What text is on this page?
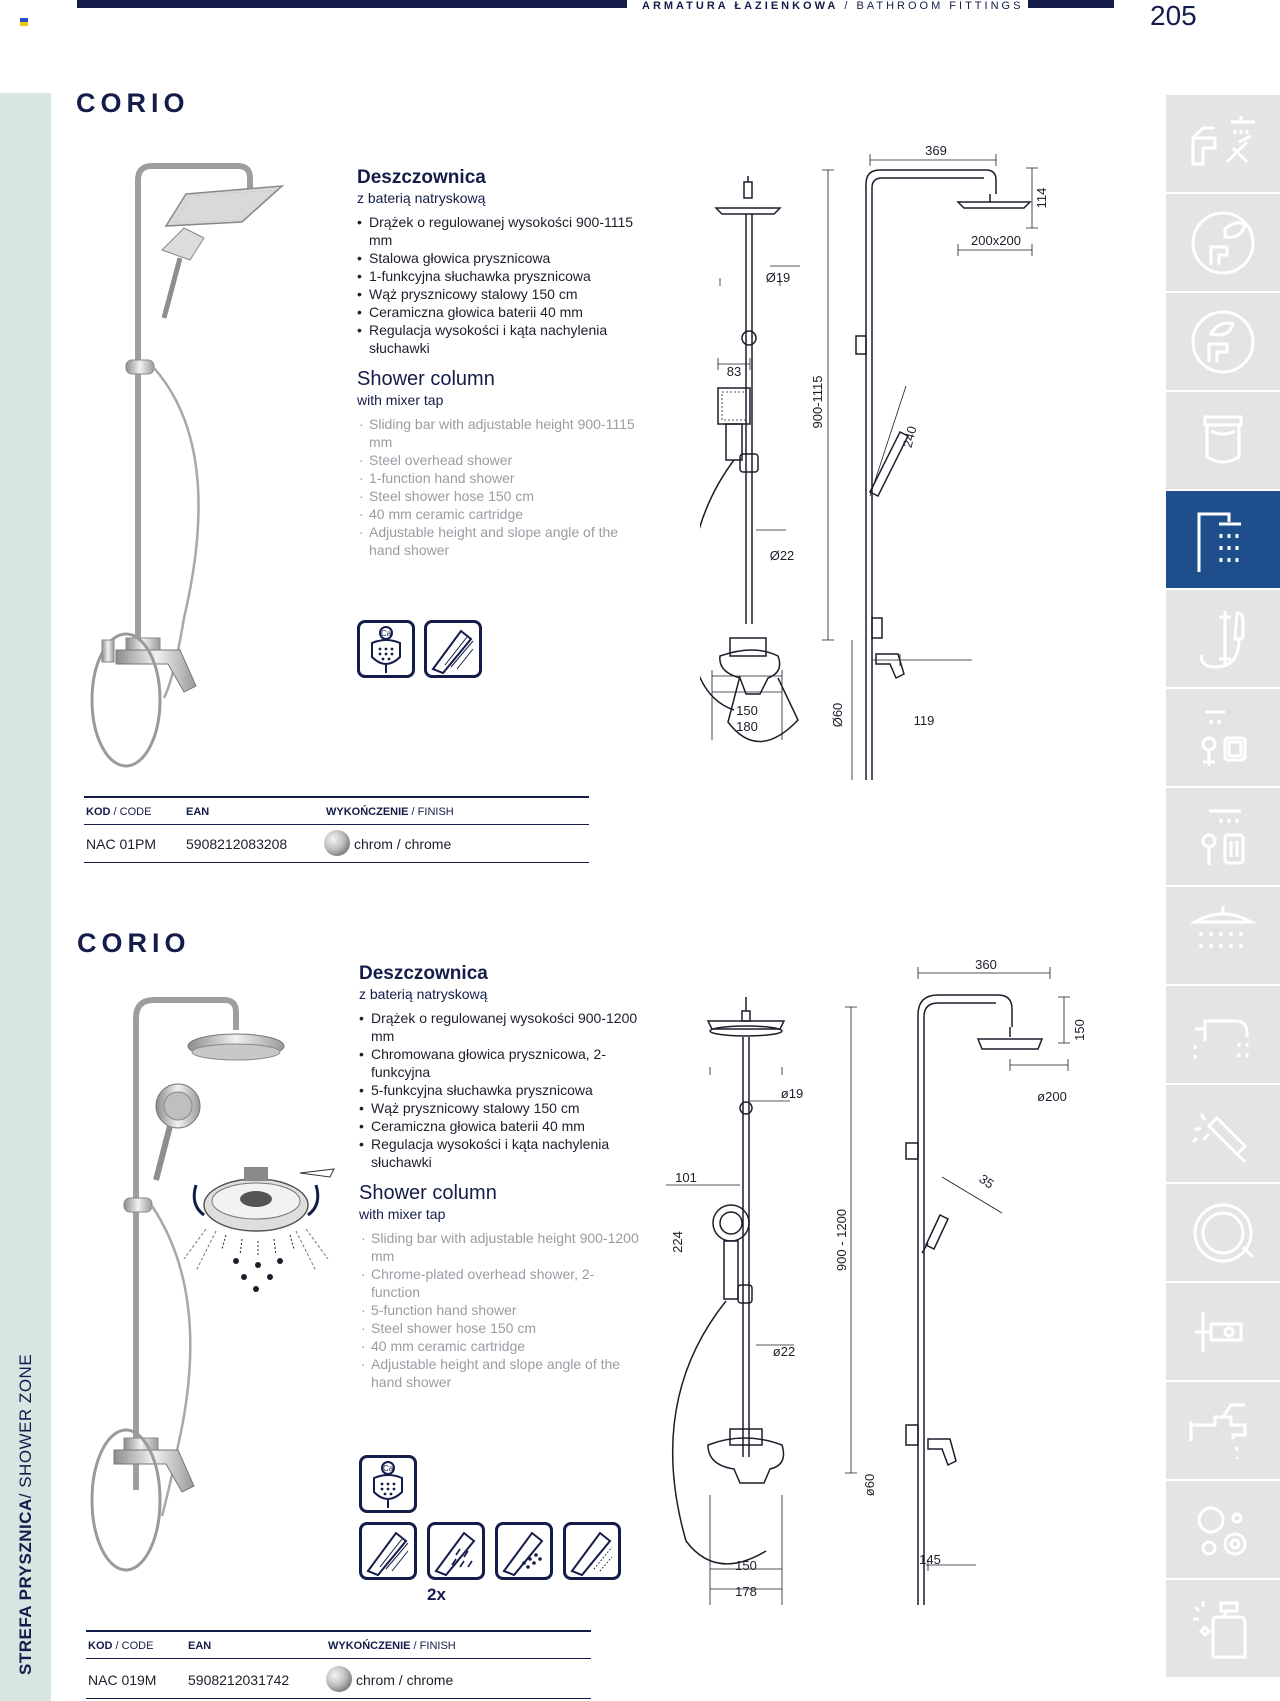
ARMATURA ŁAZIENKOWA / BATHROOM FITTINGS	205
STREFA PRYSZNICA/ SHOWER ZONE
CORIO
Deszczownica
z baterią natryskową
• Drążek o regulowanej wysokości 900-1115 mm
• Stalowa głowica prysznicowa
• 1-funkcyjna słuchawka prysznicowa
• Wąż prysznicowy stalowy 150 cm
• Ceramiczna głowica baterii 40 mm
• Regulacja wysokości i kąta nachylenia słuchawki
Shower column
with mixer tap
· Sliding bar with adjustable height 900-1115 mm
· Steel overhead shower
· 1-function hand shower
· Steel shower hose 150 cm
· 40 mm ceramic cartridge
· Adjustable height and slope angle of the hand shower
Ca
369
114
200x200
Ø19
83
900-1115
240
Ø22
150
180	Ø60	119
KOD / CODE	EAN	WYKOŃCZENIE / FINISH
NAC 01PM 5908212083208	chrom / chrome
CORIO
Deszczownica
z baterią natryskową
• Drążek o regulowanej wysokości 900-1200 mm
• Chromowana głowica prysznicowa, 2-funkcyjna
• 5-funkcyjna słuchawka prysznicowa
• Wąż prysznicowy stalowy 150 cm
• Ceramiczna głowica baterii 40 mm
• Regulacja wysokości i kąta nachylenia słuchawki
Shower column
with mixer tap
· Sliding bar with adjustable height 900-1200 mm
· Chrome-plated overhead shower, 2-function
· 5-function hand shower
· Steel shower hose 150 cm
· 40 mm ceramic cartridge
· Adjustable height and slope angle of the hand shower
Ca
2x
360
150
ø200
ø19
101
224	900 - 1200
35
ø22
150
178
ø60
145
KOD / CODE	EAN	WYKOŃCZENIE / FINISH
NAC 019M 5908212031742	chrom / chrome
